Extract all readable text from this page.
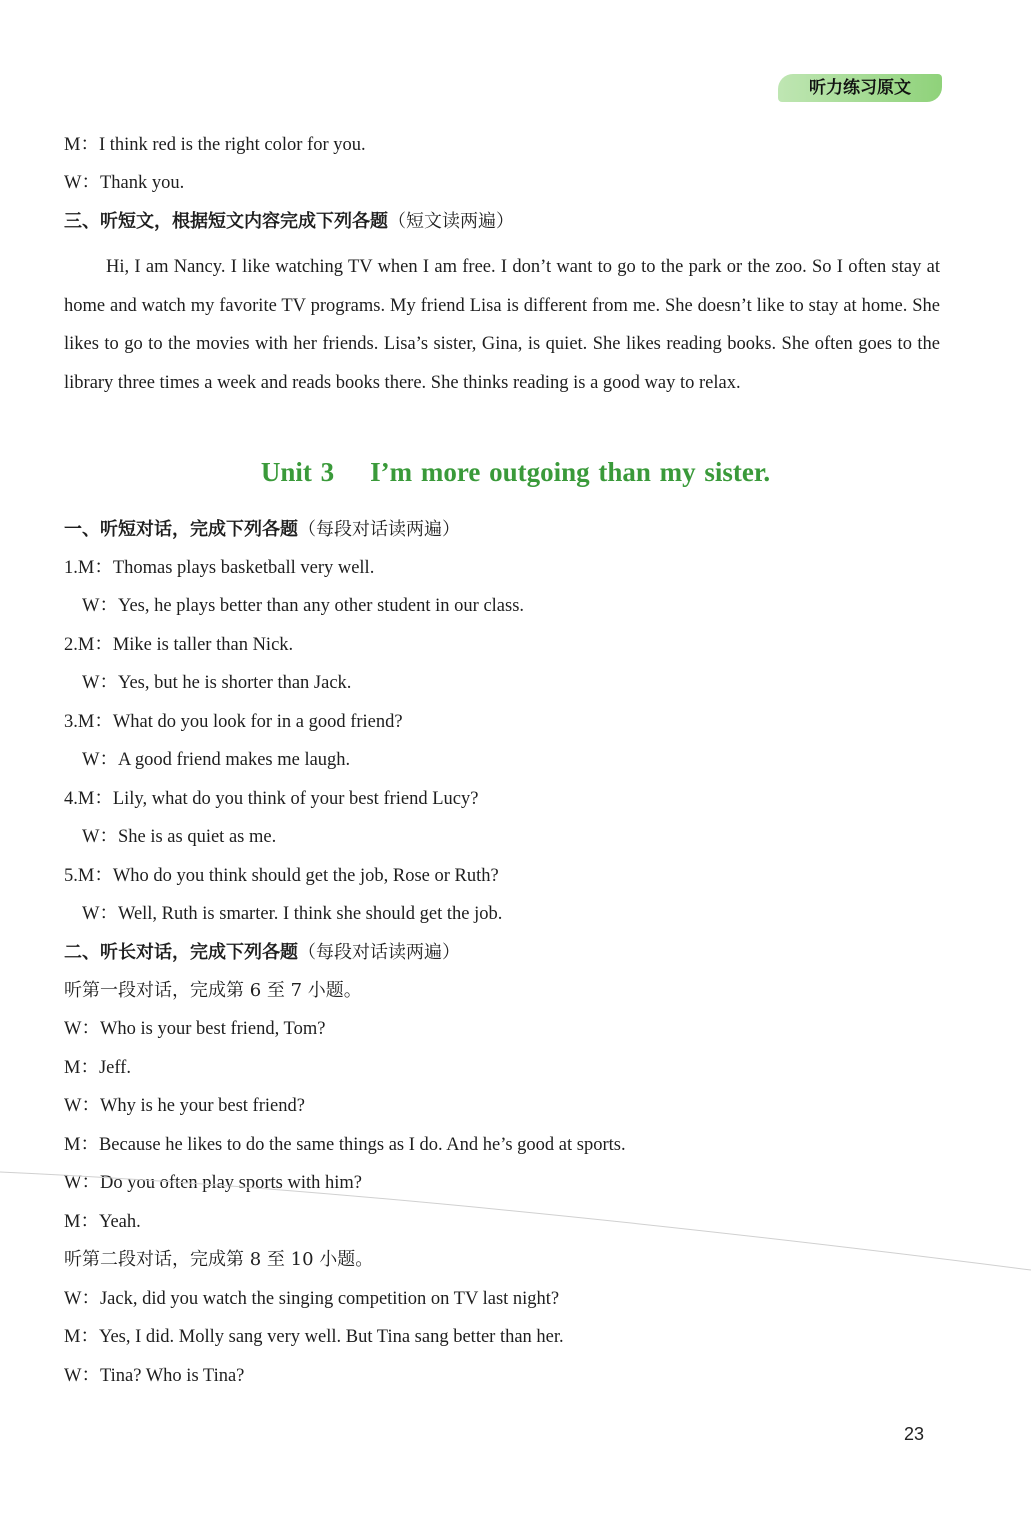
听力练习原文
M：I think red is the right color for you.
W：Thank you.
三、听短文，根据短文内容完成下列各题（短文读两遍）
Hi, I am Nancy. I like watching TV when I am free. I don’t want to go to the park or the zoo. So I often stay at home and watch my favorite TV programs. My friend Lisa is different from me. She doesn’t like to stay at home. She likes to go to the movies with her friends. Lisa’s sister, Gina, is quiet. She likes reading books. She often goes to the library three times a week and reads books there. She thinks reading is a good way to relax.
Unit 3 I’m more outgoing than my sister.
一、听短对话，完成下列各题（每段对话读两遍）
1.M：Thomas plays basketball very well.
W：Yes, he plays better than any other student in our class.
2.M：Mike is taller than Nick.
W：Yes, but he is shorter than Jack.
3.M：What do you look for in a good friend?
W：A good friend makes me laugh.
4.M：Lily, what do you think of your best friend Lucy?
W：She is as quiet as me.
5.M：Who do you think should get the job, Rose or Ruth?
W：Well, Ruth is smarter. I think she should get the job.
二、听长对话，完成下列各题（每段对话读两遍）
听第一段对话，完成第 6 至 7 小题。
W：Who is your best friend, Tom?
M：Jeff.
W：Why is he your best friend?
M：Because he likes to do the same things as I do. And he’s good at sports.
W：Do you often play sports with him?
M：Yeah.
听第二段对话，完成第 8 至 10 小题。
W：Jack, did you watch the singing competition on TV last night?
M：Yes, I did. Molly sang very well. But Tina sang better than her.
W：Tina? Who is Tina?
23
